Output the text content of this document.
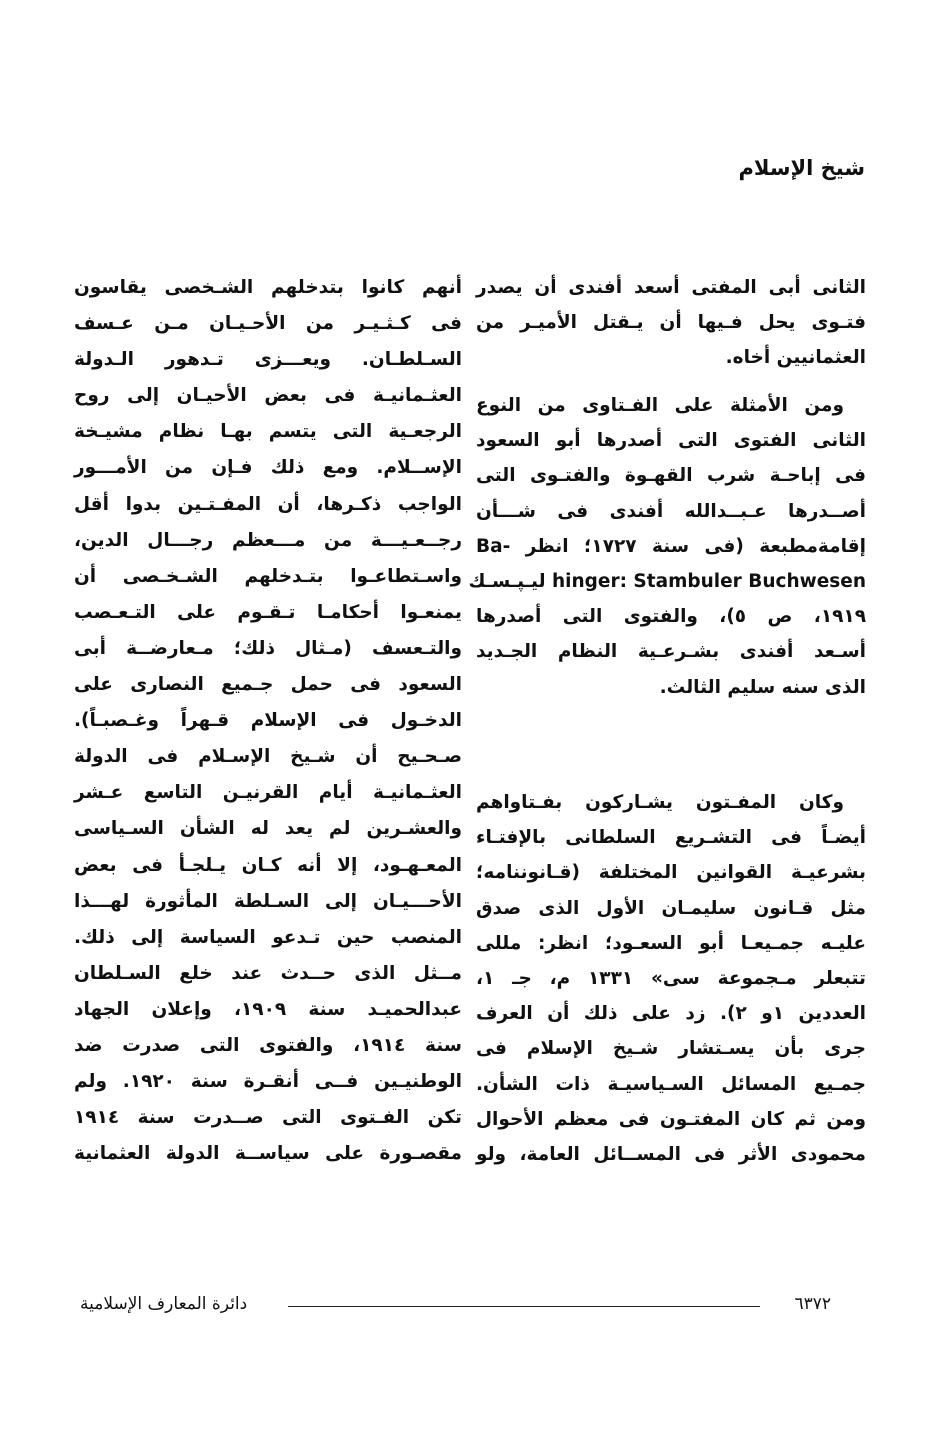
شيخ الإسلام
الثانى أبى المفتى أسعد أفندى أن يصدر
فتـوى يحل فـيها أن يـقتل الأميـر من
العثمانيين أخاه.
ومن الأمثلة على الفـتاوى من النوع
الثانى الفتوى التى أصدرها أبو السعود
فى إباحـة شرب القهـوة والفتـوى التى
أصــدرها عـبــدالله أفندى فى شـــأن
إقامةمطبعة (فى سنة ١٧٢٧؛ انظر -Ba
hinger: Stambuler Buchwesen ليـپـسـك
١٩١٩، ص ٥)، والفتوى التى أصدرها
أسـعد أفندى بشـرعـية النظام الجـديد
الذى سنه سليم الثالث.
وكان المفـتون يشـاركون بفـتاواهم
أيضـاً فى التشـريع السلطانى بالإفتـاء
بشرعيـة القوانين المختلفة (قـانوننامه؛
مثل قـانون سليمـان الأول الذى صدق
عليـه جمـيعـا أبو السعـود؛ انظر: مللى
تتبعلر مـجموعة سى» ١٣٣١ م، جـ ١،
العددين ١و ٢). زد على ذلك أن العرف
جرى بأن يسـتشار شـيخ الإسلام فى
جمـيع المسائل السـياسيـة ذات الشأن.
ومن ثم كان المفتـون فى معظم الأحوال
محمودى الأثر فى المســائل العامة، ولو
أنهم كانوا بتدخلهم الشـخصى يقاسون
فى كـثـيـر من الأحـيـان مـن عـسف
السـلطـان. ويعـــزى تـدهور الـدولة
العثـمانيـة فى بعض الأحيـان إلى روح
الرجعـية التى يتسم بهـا نظام مشيـخة
الإســلام. ومع ذلك فـإن من الأمـــور
الواجب ذكـرها، أن المفـتـين بدوا أقل
رجــعـيـــة من مـــعظم رجـــال الدين،
واسـتطاعـوا بتـدخلهم الشـخـصى أن
يمنعـوا أحكامـا تـقـوم على التـعـصب
والتـعسف (مـثال ذلك؛ مـعارضــة أبى
السعود فى حمل جـميع النصارى على
الدخـول فى الإسلام قـهراً وغـصبـاً).
صـحـيح أن شـيخ الإسـلام فى الدولة
العثـمانيـة أيام القرنيـن التاسع عـشر
والعشـرين لم يعد له الشأن السـياسى
المعـهـود، إلا أنه كـان يـلجـأ فى بعض
الأحـــيـان إلى السـلطة المأثورة لهـــذا
المنصب حين تـدعو السياسة إلى ذلك.
مــثل الذى حــدث عند خلع السـلطان
عبدالحميـد سنة ١٩٠٩، وإعلان الجهاد
سنة ١٩١٤، والفتوى التى صدرت ضد
الوطنيـين فــى أنقـرة سنة ١٩٢٠. ولم
تكن الفـتوى التى صــدرت سنة ١٩١٤
مقصـورة على سياســة الدولة العثمانية
٦٣٧٢
دائرة المعارف الإسلامية
